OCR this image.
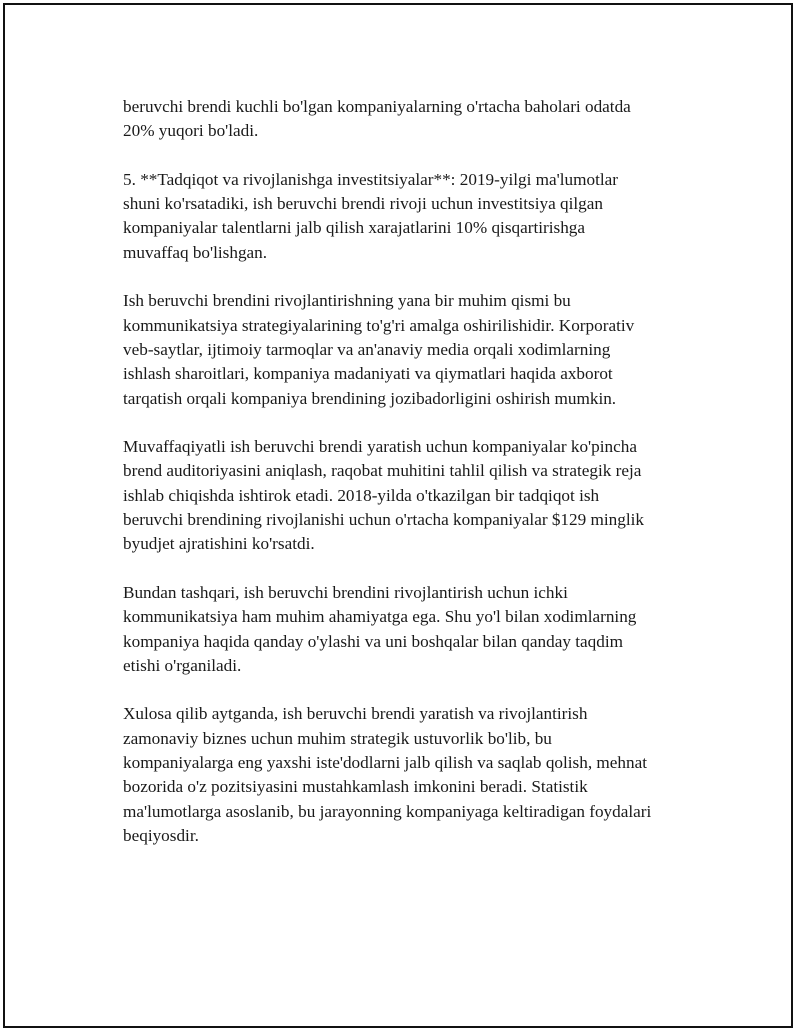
beruvchi brendi kuchli bo'lgan kompaniyalarning o'rtacha baholari odatda
20% yuqori bo'ladi.

5. **Tadqiqot va rivojlanishga investitsiyalar**: 2019-yilgi ma'lumotlar
shuni ko'rsatadiki, ish beruvchi brendi rivoji uchun investitsiya qilgan
kompaniyalar talentlarni jalb qilish xarajatlarini 10% qisqartirishga
muvaffaq bo'lishgan.

Ish beruvchi brendini rivojlantirishning yana bir muhim qismi bu
kommunikatsiya strategiyalarining to'g'ri amalga oshirilishidir. Korporativ
veb-saytlar, ijtimoiy tarmoqlar va an'anaviy media orqali xodimlarning
ishlash sharoitlari, kompaniya madaniyati va qiymatlari haqida axborot
tarqatish orqali kompaniya brendining jozibadorligini oshirish mumkin.

Muvaffaqiyatli ish beruvchi brendi yaratish uchun kompaniyalar ko'pincha
brend auditoriyasini aniqlash, raqobat muhitini tahlil qilish va strategik reja
ishlab chiqishda ishtirok etadi. 2018-yilda o'tkazilgan bir tadqiqot ish
beruvchi brendining rivojlanishi uchun o'rtacha kompaniyalar $129 minglik
byudjet ajratishini ko'rsatdi.

Bundan tashqari, ish beruvchi brendini rivojlantirish uchun ichki
kommunikatsiya ham muhim ahamiyatga ega. Shu yo'l bilan xodimlarning
kompaniya haqida qanday o'ylashi va uni boshqalar bilan qanday taqdim
etishi o'rganiladi.

Xulosa qilib aytganda, ish beruvchi brendi yaratish va rivojlantirish
zamonaviy biznes uchun muhim strategik ustuvorlik bo'lib, bu
kompaniyalarga eng yaxshi iste'dodlarni jalb qilish va saqlab qolish, mehnat
bozorida o'z pozitsiyasini mustahkamlash imkonini beradi. Statistik
ma'lumotlarga asoslanib, bu jarayonning kompaniyaga keltiradigan foydalari
beqiyosdir.
